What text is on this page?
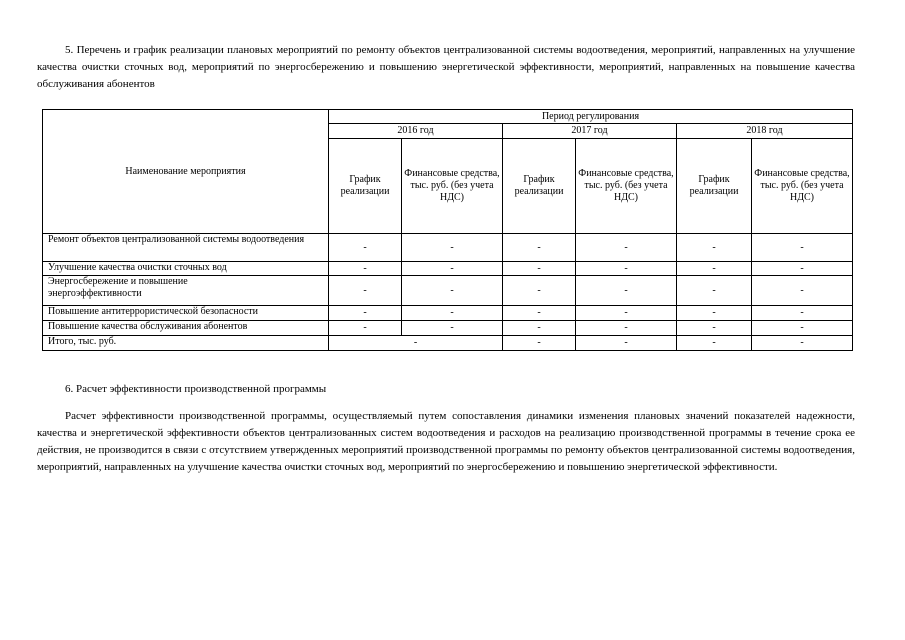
5. Перечень и график реализации плановых мероприятий по ремонту объектов централизованной системы водоотведения, мероприятий, направленных на улучшение качества очистки сточных вод, мероприятий по энергосбережению и повышению энергетической эффективности, мероприятий, направленных на повышение качества обслуживания абонентов
Наименование мероприятия	Период регулирования					
	2016 год		2017 год		2018 год	
	График реализации	Финансовые средства, тыс. руб. (без учета НДС)	График реализации	Финансовые средства, тыс. руб. (без учета НДС)	График реализации	Финансовые средства, тыс. руб. (без учета НДС)
Ремонт объектов централизованной системы водоотведения	-	-	-	-	-	-
Улучшение качества очистки сточных вод	-	-	-	-	-	-

Энергосбережение и повышение энергоэффективности	-	-	-	-	-	-
Повышение антитеррористической безопасности	-	-	-	-	-	-
Повышение качества обслуживания абонентов	-	-	-	-	-	-
Итого, тыс. руб.	-		-	-	-	-
6. Расчет эффективности производственной программы
Расчет эффективности производственной программы, осуществляемый путем сопоставления динамики изменения плановых значений показателей надежности, качества и энергетической эффективности объектов централизованных систем водоотведения и расходов на реализацию производственной программы в течение срока ее действия, не производится в связи с отсутствием утвержденных мероприятий производственной программы по ремонту объектов централизованной системы водоотведения, мероприятий, направленных на улучшение качества очистки сточных вод, мероприятий по энергосбережению и повышению энергетической эффективности.
